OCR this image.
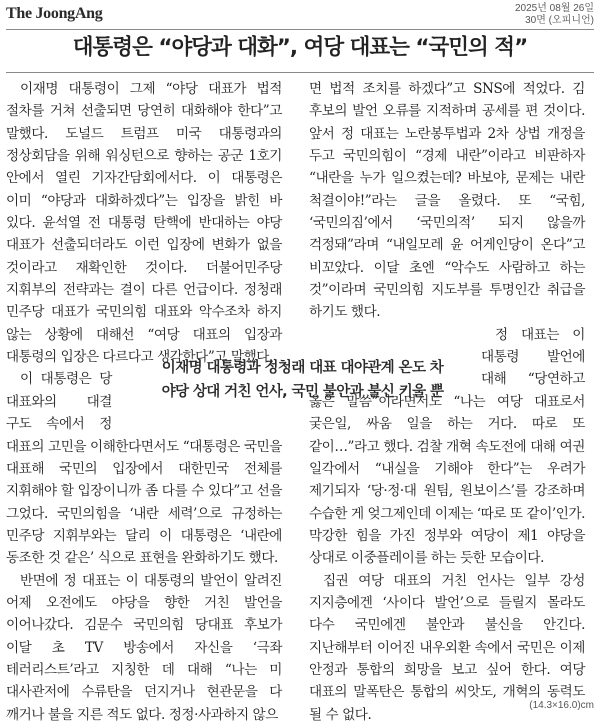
The JoongAng	2025년 08월 26일
30면 (오피니언)
대통령은 “야당과 대화”, 여당 대표는 “국민의 적”

이재명 대통령이 그제 “야당 대표가 법적 절차를 거쳐 선출되면 당연히 대화해야 한다”고 말했다. 도널드 트럼프 미국 대통령과의 정상회담을 위해 워싱턴으로 향하는 공군 1호기 안에서 열린 기자간담회에서다. 이 대통령은 이미 “야당과 대화하겠다”는 입장을 밝힌 바 있다. 윤석열 전 대통령 탄핵에 반대하는 야당 대표가 선출되더라도 이런 입장에 변화가 없을 것이라고 재확인한 것이다. 더불어민주당 지휘부의 전략과는 결이 다른 언급이다. 정청래 민주당 대표가 국민의힘 대표와 악수조차 하지 않는 상황에 대해선 “여당 대표의 입장과 대통령의 입장은 다르다고 생각한다”고 말했다.

이 대통령은 당 대표와의 대결 구도 속에서 정 대표의 고민을 이해한다면서도 “대통령은 국민을 대표해 국민의 입장에서 대한민국 전체를 지휘해야 할 입장이니까 좀 다를 수 있다”고 선을 그었다. 국민의힘을 ‘내란 세력’으로 규정하는 민주당 지휘부와는 달리 이 대통령은 ‘내란에 동조한 것 같은’ 식으로 표현을 완화하기도 했다.

반면에 정 대표는 이 대통령의 발언이 알려진 어제 오전에도 야당을 향한 거친 발언을 이어나갔다. 김문수 국민의힘 당대표 후보가 이달 초 TV 방송에서 자신을 ‘극좌 테러리스트’라고 지칭한 데 대해 “나는 미 대사관저에 수류탄을 던지거나 현관문을 다 깨거나 불을 지른 적도 없다. 정정·사과하지 않으

면 법적 조치를 하겠다”고 SNS에 적었다. 김 후보의 발언 오류를 지적하며 공세를 편 것이다. 앞서 정 대표는 노란봉투법과 2차 상법 개정을 두고 국민의힘이 “경제 내란”이라고 비판하자 “내란을 누가 일으켰는데? 바보야, 문제는 내란 척결이야!”라는 글을 올렸다. 또 “국힘, ‘국민의짐’에서 ‘국민의적’ 되지 않을까 걱정돼”라며 “내일모레 윤 어게인당이 온다”고 비꼬았다. 이달 초엔 “악수도 사람하고 하는 것”이라며 국민의힘 지도부를 투명인간 취급을 하기도 했다.

정 대표는 이 대통령 발언에 대해 “당연하고 옳은 말씀”이라면서도 “나는 여당 대표로서 궂은일, 싸움 일을 하는 거다. 따로 또 같이…”라고 했다. 검찰 개혁 속도전에 대해 여권 일각에서 “내실을 기해야 한다”는 우려가 제기되자 ‘당·정·대 원팀, 원보이스’를 강조하며 수습한 게 엊그제인데 이제는 ‘따로 또 같이’인가. 막강한 힘을 가진 정부와 여당이 제1 야당을 상대로 이중플레이를 하는 듯한 모습이다.

집권 여당 대표의 거친 언사는 일부 강성 지지층에겐 ‘사이다 발언’으로 들릴지 몰라도 다수 국민에겐 불안과 불신을 안긴다. 지난해부터 이어진 내우외환 속에서 국민은 이제 안정과 통합의 희망을 보고 싶어 한다. 여당 대표의 말폭탄은 통합의 씨앗도, 개혁의 동력도 될 수 없다.

이재명 대통령과 정청래 대표 대야관계 온도 차
야당 상대 거친 언사, 국민 불안과 불신 키울 뿐
(14.3×16.0)cm
